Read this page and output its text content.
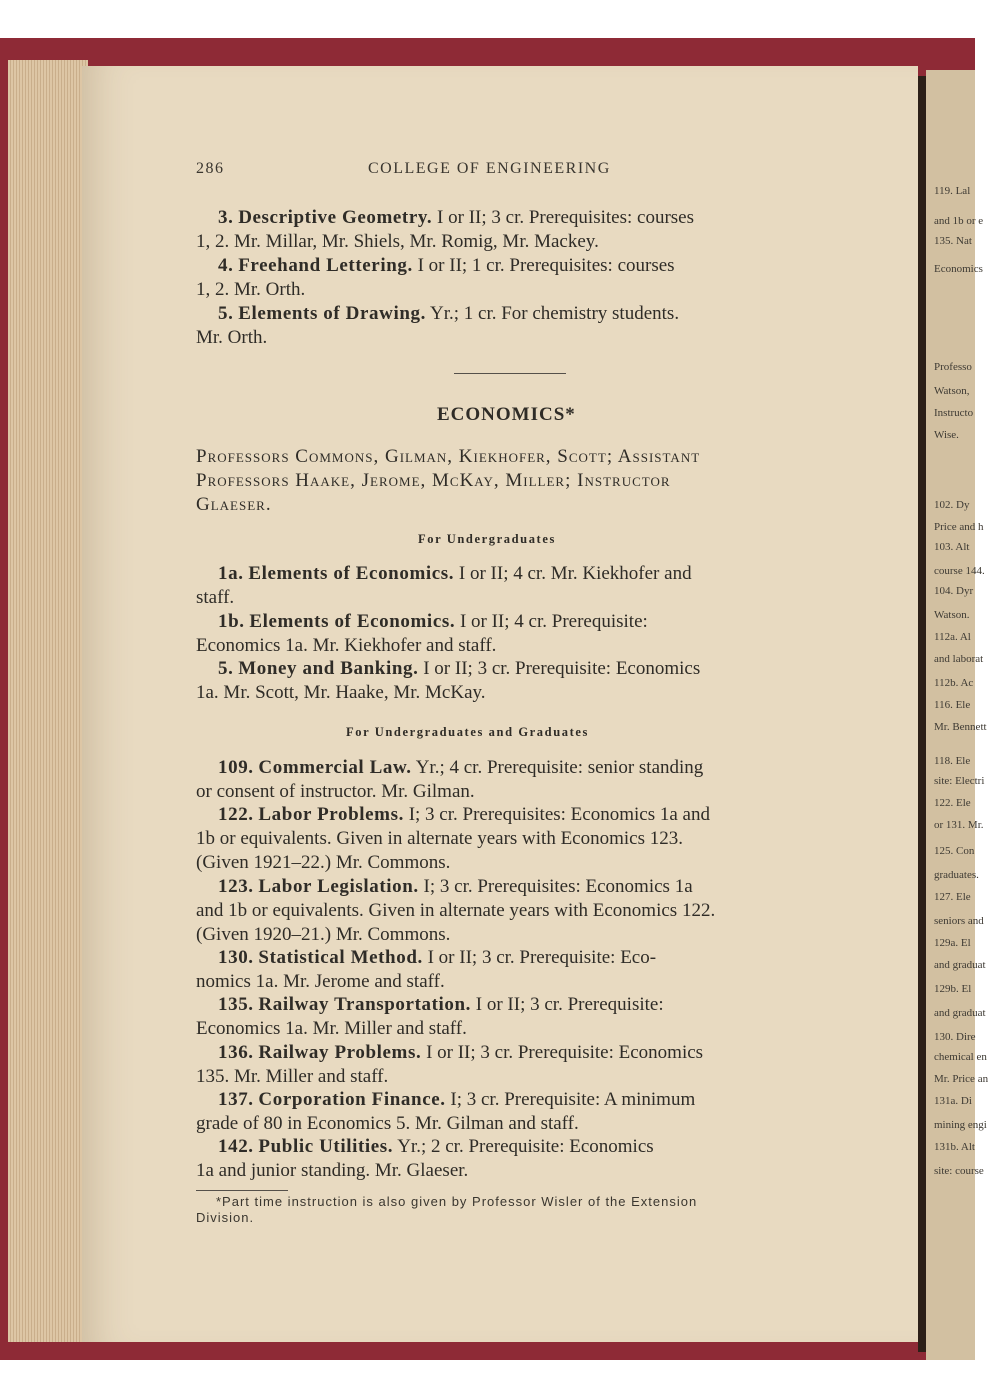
119. Lal
and 1b or e
135. Nat
Economics
Professo
Watson,
Instructo
Wise.
102. Dy
Price and h
103. Alt
course 144.
104. Dyr
Watson.
112a. Al
and laborat
112b. Ac
116. Ele
Mr. Bennett
118. Ele
site: Electri
122. Ele
or 131. Mr.
125. Con
graduates.
127. Ele
seniors and
129a. El
and graduat
129b. El
and graduat
130. Dire
chemical en
Mr. Price an
131a. Di
mining engi
131b. Alt
site: course
286	COLLEGE OF ENGINEERING
3. Descriptive Geometry. I or II; 3 cr. Prerequisites: courses
1, 2. Mr. Millar, Mr. Shiels, Mr. Romig, Mr. Mackey.
4. Freehand Lettering. I or II; 1 cr. Prerequisites: courses
1, 2. Mr. Orth.
5. Elements of Drawing. Yr.; 1 cr. For chemistry students.
Mr. Orth.
ECONOMICS*
Professors Commons, Gilman, Kiekhofer, Scott; Assistant
Professors Haake, Jerome, McKay, Miller; Instructor
Glaeser.
For Undergraduates
1a. Elements of Economics. I or II; 4 cr. Mr. Kiekhofer and
staff.
1b. Elements of Economics. I or II; 4 cr. Prerequisite:
Economics 1a. Mr. Kiekhofer and staff.
5. Money and Banking. I or II; 3 cr. Prerequisite: Economics
1a. Mr. Scott, Mr. Haake, Mr. McKay.
For Undergraduates and Graduates
109. Commercial Law. Yr.; 4 cr. Prerequisite: senior standing
or consent of instructor. Mr. Gilman.
122. Labor Problems. I; 3 cr. Prerequisites: Economics 1a and
1b or equivalents. Given in alternate years with Economics 123.
(Given 1921–22.) Mr. Commons.
123. Labor Legislation. I; 3 cr. Prerequisites: Economics 1a
and 1b or equivalents. Given in alternate years with Economics 122.
(Given 1920–21.) Mr. Commons.
130. Statistical Method. I or II; 3 cr. Prerequisite: Eco-
nomics 1a. Mr. Jerome and staff.
135. Railway Transportation. I or II; 3 cr. Prerequisite:
Economics 1a. Mr. Miller and staff.
136. Railway Problems. I or II; 3 cr. Prerequisite: Economics
135. Mr. Miller and staff.
137. Corporation Finance. I; 3 cr. Prerequisite: A minimum
grade of 80 in Economics 5. Mr. Gilman and staff.
142. Public Utilities. Yr.; 2 cr. Prerequisite: Economics
1a and junior standing. Mr. Glaeser.
*Part time instruction is also given by Professor Wisler of the Extension
Division.
